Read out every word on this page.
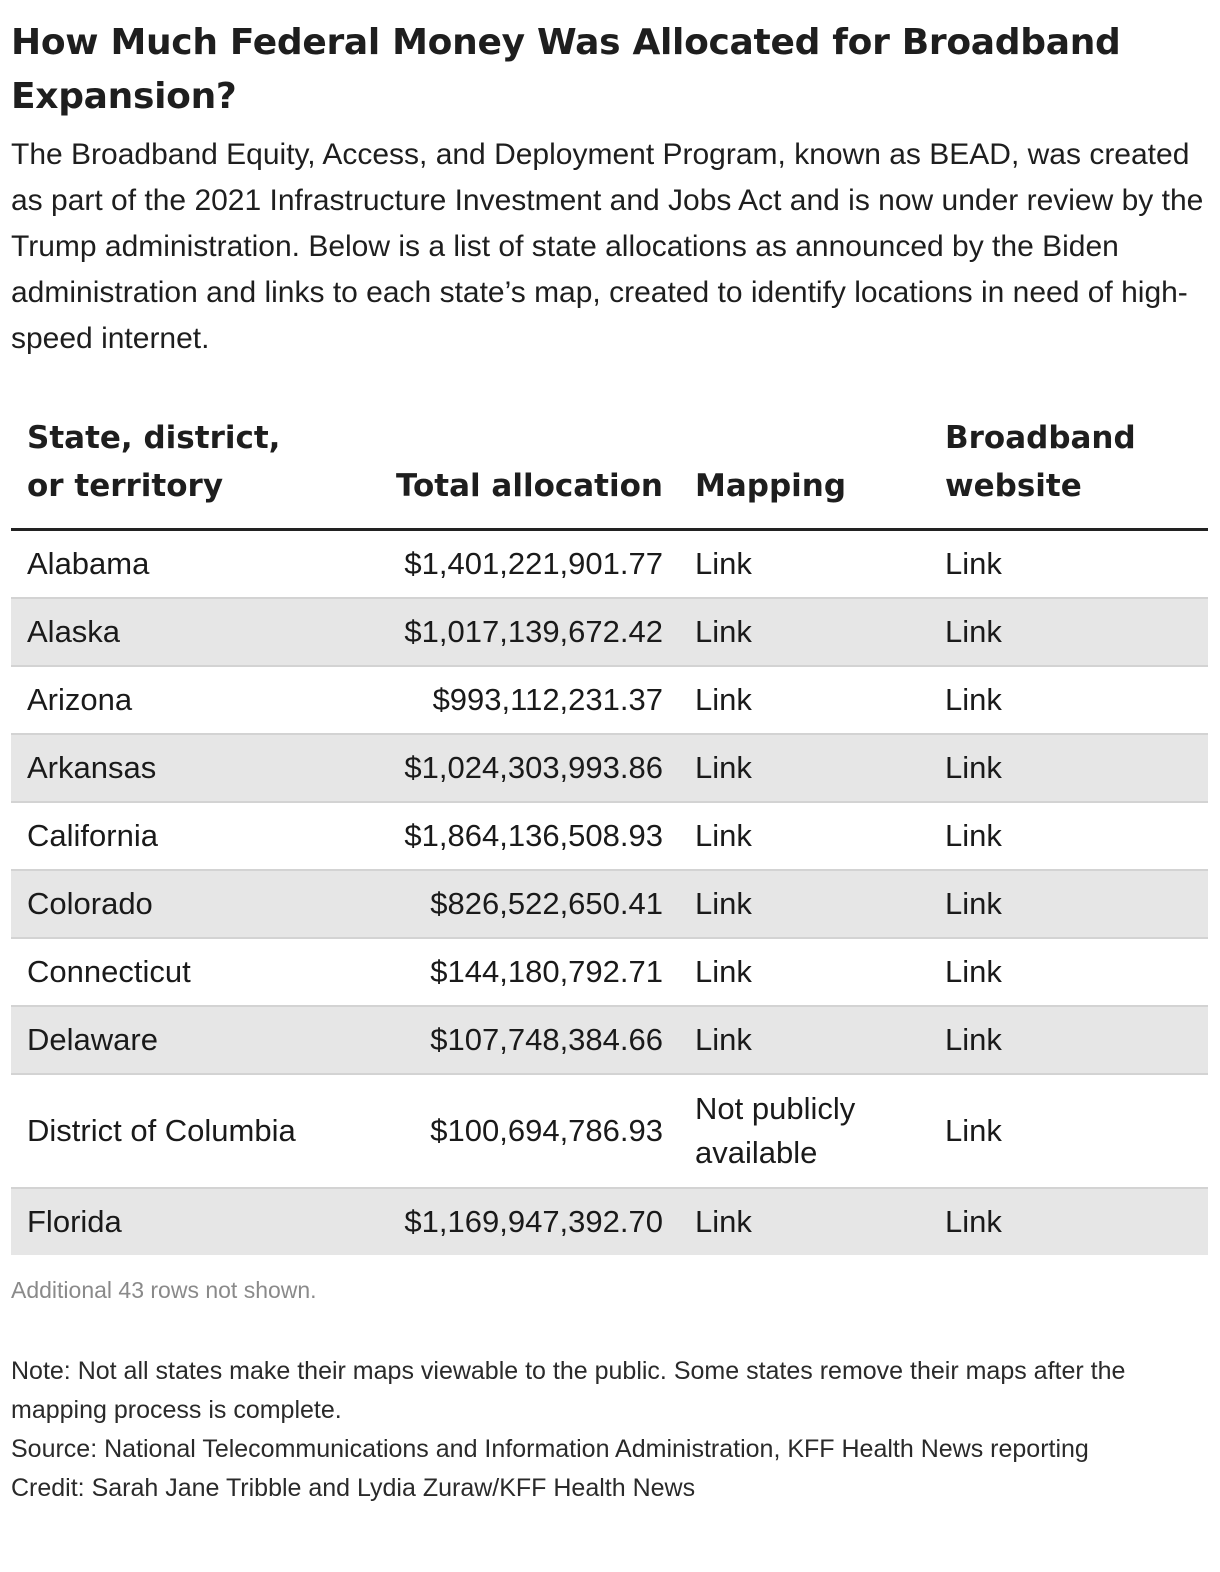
How Much Federal Money Was Allocated for Broadband Expansion?

The Broadband Equity, Access, and Deployment Program, known as BEAD, was created as part of the 2021 Infrastructure Investment and Jobs Act and is now under review by the Trump administration. Below is a list of state allocations as announced by the Biden administration and links to each state’s map, created to identify locations in need of high-speed internet.

State, district, or territory	Total allocation	Mapping	Broadband website
Alabama	$1,401,221,901.77	Link	Link
Alaska	$1,017,139,672.42	Link	Link
Arizona	$993,112,231.37	Link	Link
Arkansas	$1,024,303,993.86	Link	Link
California	$1,864,136,508.93	Link	Link
Colorado	$826,522,650.41	Link	Link
Connecticut	$144,180,792.71	Link	Link
Delaware	$107,748,384.66	Link	Link
District of Columbia	$100,694,786.93	Not publicly available	Link
Florida	$1,169,947,392.70	Link	Link
Additional 43 rows not shown.

Note: Not all states make their maps viewable to the public. Some states remove their maps after the mapping process is complete.

Source: National Telecommunications and Information Administration, KFF Health News reporting

Credit: Sarah Jane Tribble and Lydia Zuraw/KFF Health News
